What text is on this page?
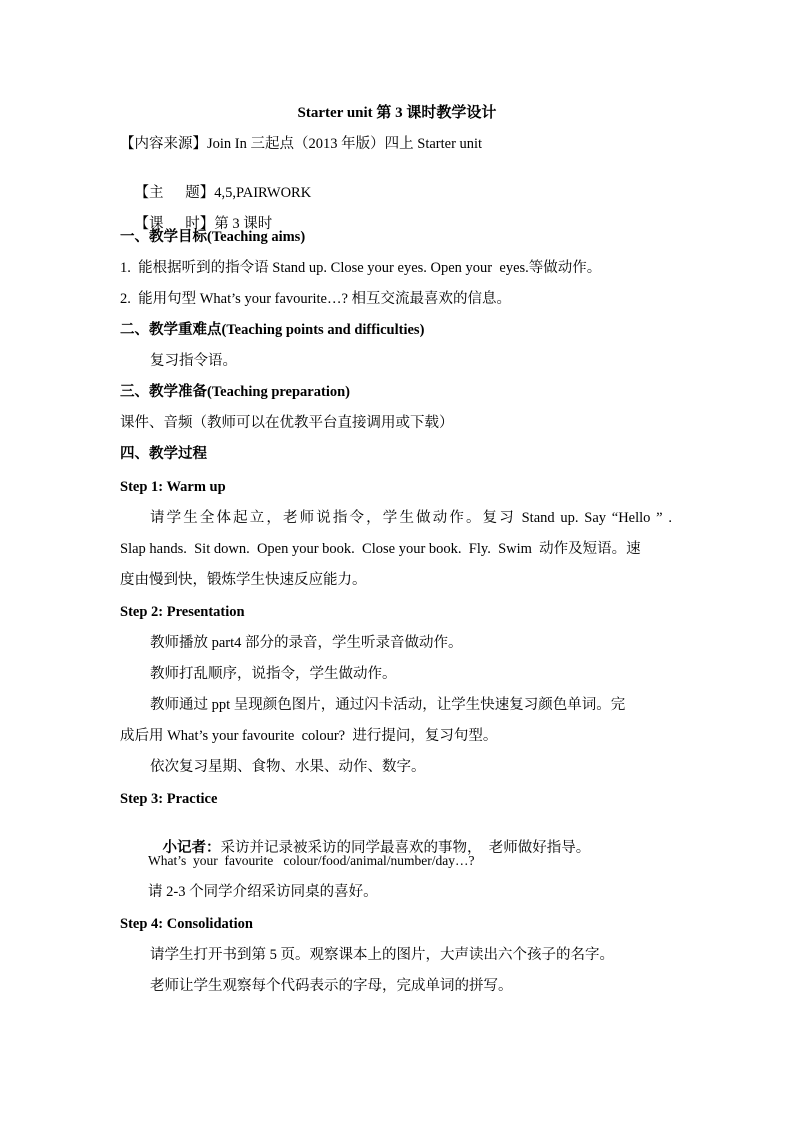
Starter unit 第 3 课时教学设计
【内容来源】Join In 三起点（2013 年版）四上 Starter unit

【主      题】4,5,PAIRWORK

【课      时】第 3 课时

一、教学目标(Teaching aims)
1.  能根据听到的指令语 Stand up. Close your eyes. Open your  eyes.等做动作。
2.  能用句型 What’s your favourite…? 相互交流最喜欢的信息。
二、教学重难点(Teaching points and difficulties)
复习指令语。
三、教学准备(Teaching preparation)
课件、音频（教师可以在优教平台直接调用或下载）
四、教学过程
Step 1: Warm up
请学生全体起立，老师说指令，学生做动作。复习 Stand up. Say “Hello ” .
Slap hands.  Sit down.  Open your book.  Close your book.  Fly.  Swim  动作及短语。速
度由慢到快，锻炼学生快速反应能力。
Step 2: Presentation
教师播放 part4 部分的录音，学生听录音做动作。
教师打乱顺序，说指令，学生做动作。
教师通过 ppt 呈现颜色图片，通过闪卡活动，让学生快速复习颜色单词。完
成后用 What’s your favourite  colour?  进行提问，复习句型。
依次复习星期、食物、水果、动作、数字。
Step 3: Practice

小记者：采访并记录被采访的同学最喜欢的事物，  老师做好指导。

What’s  your  favourite   colour/food/animal/number/day…?
请 2-3 个同学介绍采访同桌的喜好。
Step 4: Consolidation
请学生打开书到第 5 页。观察课本上的图片，大声读出六个孩子的名字。
老师让学生观察每个代码表示的字母，完成单词的拼写。
